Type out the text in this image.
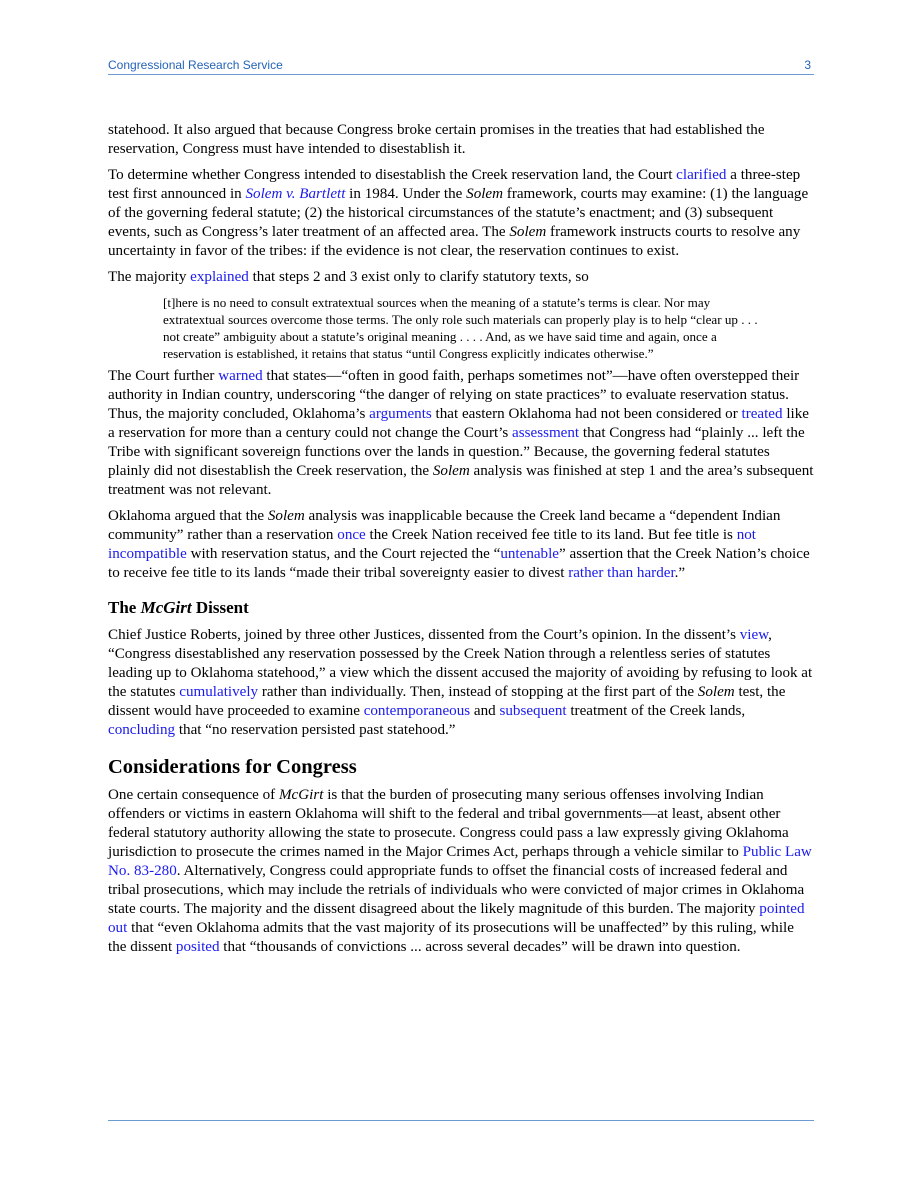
Congressional Research Service	3

statehood. It also argued that because Congress broke certain promises in the treaties that had established the reservation, Congress must have intended to disestablish it.

To determine whether Congress intended to disestablish the Creek reservation land, the Court clarified a three-step test first announced in Solem v. Bartlett in 1984. Under the Solem framework, courts may examine: (1) the language of the governing federal statute; (2) the historical circumstances of the statute’s enactment; and (3) subsequent events, such as Congress’s later treatment of an affected area. The Solem framework instructs courts to resolve any uncertainty in favor of the tribes: if the evidence is not clear, the reservation continues to exist.

The majority explained that steps 2 and 3 exist only to clarify statutory texts, so

[t]here is no need to consult extratextual sources when the meaning of a statute’s terms is clear. Nor may extratextual sources overcome those terms. The only role such materials can properly play is to help “clear up . . . not create” ambiguity about a statute’s original meaning . . . . And, as we have said time and again, once a reservation is established, it retains that status “until Congress explicitly indicates otherwise.”

The Court further warned that states—“often in good faith, perhaps sometimes not”—have often overstepped their authority in Indian country, underscoring “the danger of relying on state practices” to evaluate reservation status. Thus, the majority concluded, Oklahoma’s arguments that eastern Oklahoma had not been considered or treated like a reservation for more than a century could not change the Court’s assessment that Congress had “plainly ... left the Tribe with significant sovereign functions over the lands in question.” Because, the governing federal statutes plainly did not disestablish the Creek reservation, the Solem analysis was finished at step 1 and the area’s subsequent treatment was not relevant.

Oklahoma argued that the Solem analysis was inapplicable because the Creek land became a “dependent Indian community” rather than a reservation once the Creek Nation received fee title to its land. But fee title is not incompatible with reservation status, and the Court rejected the “untenable” assertion that the Creek Nation’s choice to receive fee title to its lands “made their tribal sovereignty easier to divest rather than harder.”

The McGirt Dissent

Chief Justice Roberts, joined by three other Justices, dissented from the Court’s opinion. In the dissent’s view, “Congress disestablished any reservation possessed by the Creek Nation through a relentless series of statutes leading up to Oklahoma statehood,” a view which the dissent accused the majority of avoiding by refusing to look at the statutes cumulatively rather than individually. Then, instead of stopping at the first part of the Solem test, the dissent would have proceeded to examine contemporaneous and subsequent treatment of the Creek lands, concluding that “no reservation persisted past statehood.”

Considerations for Congress

One certain consequence of McGirt is that the burden of prosecuting many serious offenses involving Indian offenders or victims in eastern Oklahoma will shift to the federal and tribal governments—at least, absent other federal statutory authority allowing the state to prosecute. Congress could pass a law expressly giving Oklahoma jurisdiction to prosecute the crimes named in the Major Crimes Act, perhaps through a vehicle similar to Public Law No. 83-280. Alternatively, Congress could appropriate funds to offset the financial costs of increased federal and tribal prosecutions, which may include the retrials of individuals who were convicted of major crimes in Oklahoma state courts. The majority and the dissent disagreed about the likely magnitude of this burden. The majority pointed out that “even Oklahoma admits that the vast majority of its prosecutions will be unaffected” by this ruling, while the dissent posited that “thousands of convictions ... across several decades” will be drawn into question.
